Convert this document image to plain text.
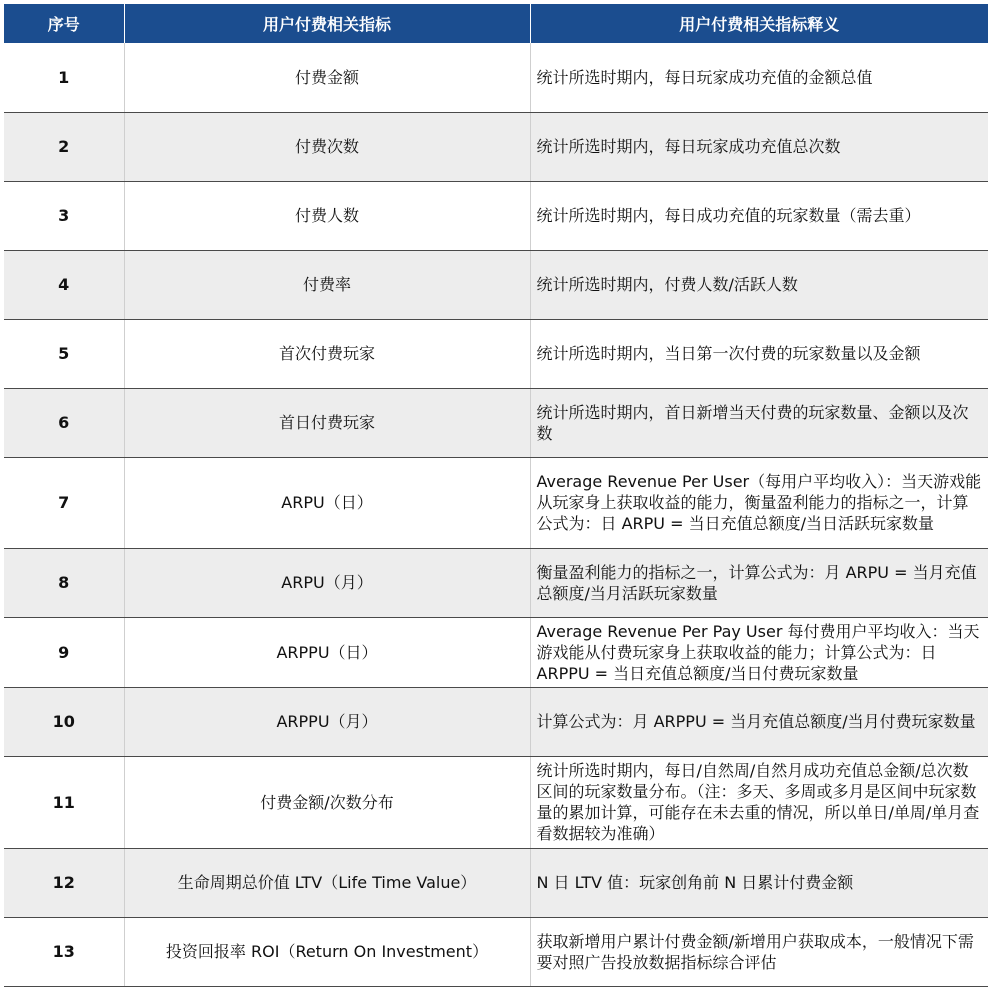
序号	用户付费相关指标	用户付费相关指标释义
1	付费金额	统计所选时期内，每日玩家成功充值的金额总值
2	付费次数	统计所选时期内，每日玩家成功充值总次数
3	付费人数	统计所选时期内，每日成功充值的玩家数量（需去重）
4	付费率	统计所选时期内，付费人数/活跃人数
5	首次付费玩家	统计所选时期内，当日第一次付费的玩家数量以及金额
6	首日付费玩家	统计所选时期内，首日新增当天付费的玩家数量、金额以及次数
7	ARPU（日）	Average Revenue Per User（每用户平均收入）：当天游戏能从玩家身上获取收益的能力，衡量盈利能力的指标之一，计算公式为：日 ARPU = 当日充值总额度/当日活跃玩家数量
8	ARPU（月）	衡量盈利能力的指标之一，计算公式为：月 ARPU = 当月充值总额度/当月活跃玩家数量
9	ARPPU（日）	Average Revenue Per Pay User 每付费用户平均收入：当天游戏能从付费玩家身上获取收益的能力；计算公式为：日 ARPPU = 当日充值总额度/当日付费玩家数量
10	ARPPU（月）	计算公式为：月 ARPPU = 当月充值总额度/当月付费玩家数量
11	付费金额/次数分布	统计所选时期内，每日/自然周/自然月成功充值总金额/总次数区间的玩家数量分布。（注：多天、多周或多月是区间中玩家数量的累加计算，可能存在未去重的情况，所以单日/单周/单月查看数据较为准确）
12	生命周期总价值 LTV（Life Time Value）	N 日 LTV 值：玩家创角前 N 日累计付费金额
13	投资回报率 ROI（Return On Investment）	获取新增用户累计付费金额/新增用户获取成本，一般情况下需要对照广告投放数据指标综合评估
